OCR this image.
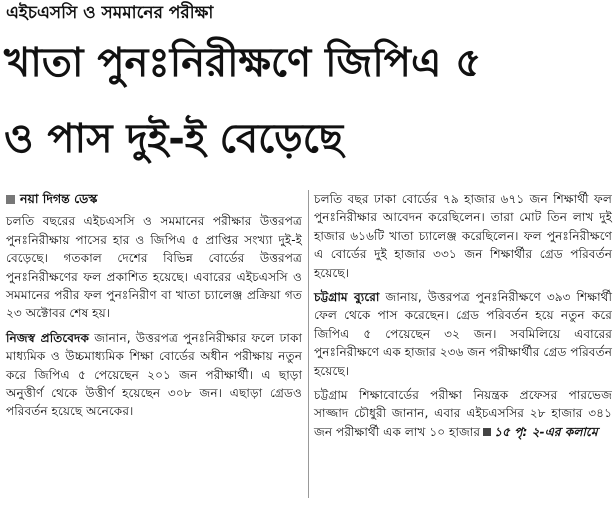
এইচএসসি ও সমমানের পরীক্ষা
খাতা পুনঃনিরীক্ষণে জিপিএ ৫
ও পাস দুই-ই বেড়েছে

নয়া দিগন্ত ডেস্ক

চলতি বছরের এইচএসসি ও সমমানের পরীক্ষার উত্তরপত্র পুনঃনিরীক্ষায় পাসের হার ও জিপিএ ৫ প্রাপ্তির সংখ্যা দুই-ই বেড়েছে। গতকাল দেশের বিভিন্ন বোর্ডের উত্তরপত্র পুনঃনিরীক্ষণের ফল প্রকাশিত হয়েছে। এবারের এইচএসসি ও সমমানের পরীর ফল পুনঃনিরীণ বা খাতা চ্যালেঞ্জ প্রক্রিয়া গত ২৩ অক্টোবর শেষ হয়।

নিজস্ব প্রতিবেদক জানান, উত্তরপত্র পুনঃনিরীক্ষার ফলে ঢাকা মাধ্যমিক ও উচ্চমাধ্যমিক শিক্ষা বোর্ডের অধীন পরীক্ষায় নতুন করে জিপিএ ৫ পেয়েছেন ২০১ জন পরীক্ষার্থী। এ ছাড়া অনুত্তীর্ণ থেকে উত্তীর্ণ হয়েছেন ৩০৮ জন। এছাড়া গ্রেডও পরিবর্তন হয়েছে অনেকের।

চলতি বছর ঢাকা বোর্ডের ৭৯ হাজার ৬৭১ জন শিক্ষার্থী ফল পুনঃনিরীক্ষার আবেদন করেছিলেন। তারা মোট তিন লাখ দুই হাজার ৬১৬টি খাতা চ্যালেঞ্জ করেছিলেন। ফল পুনঃনিরীক্ষণে এ বোর্ডের দুই হাজার ৩৩১ জন শিক্ষার্থীর গ্রেড পরিবর্তন হয়েছে।

চট্টগ্রাম ব্যুরো জানায়, উত্তরপত্র পুনঃনিরীক্ষণে ৩৯৩ শিক্ষার্থী ফেল থেকে পাস করেছেন। গ্রেড পরিবর্তন হয়ে নতুন করে জিপিএ ৫ পেয়েছেন ৩২ জন। সবমিলিয়ে এবারের পুনঃনিরীক্ষণে এক হাজার ২৩৬ জন পরীক্ষার্থীর গ্রেড পরিবর্তন হয়েছে।

চট্টগ্রাম শিক্ষাবোর্ডের পরীক্ষা নিয়ন্ত্রক প্রফেসর পারভেজ সাজ্জাদ চৌধুরী জানান, এবার এইচএসসির ২৮ হাজার ৩৪১ জন পরীক্ষার্থী এক লাখ ১০ হাজার ১৫ পৃ: ২-এর কলামে
